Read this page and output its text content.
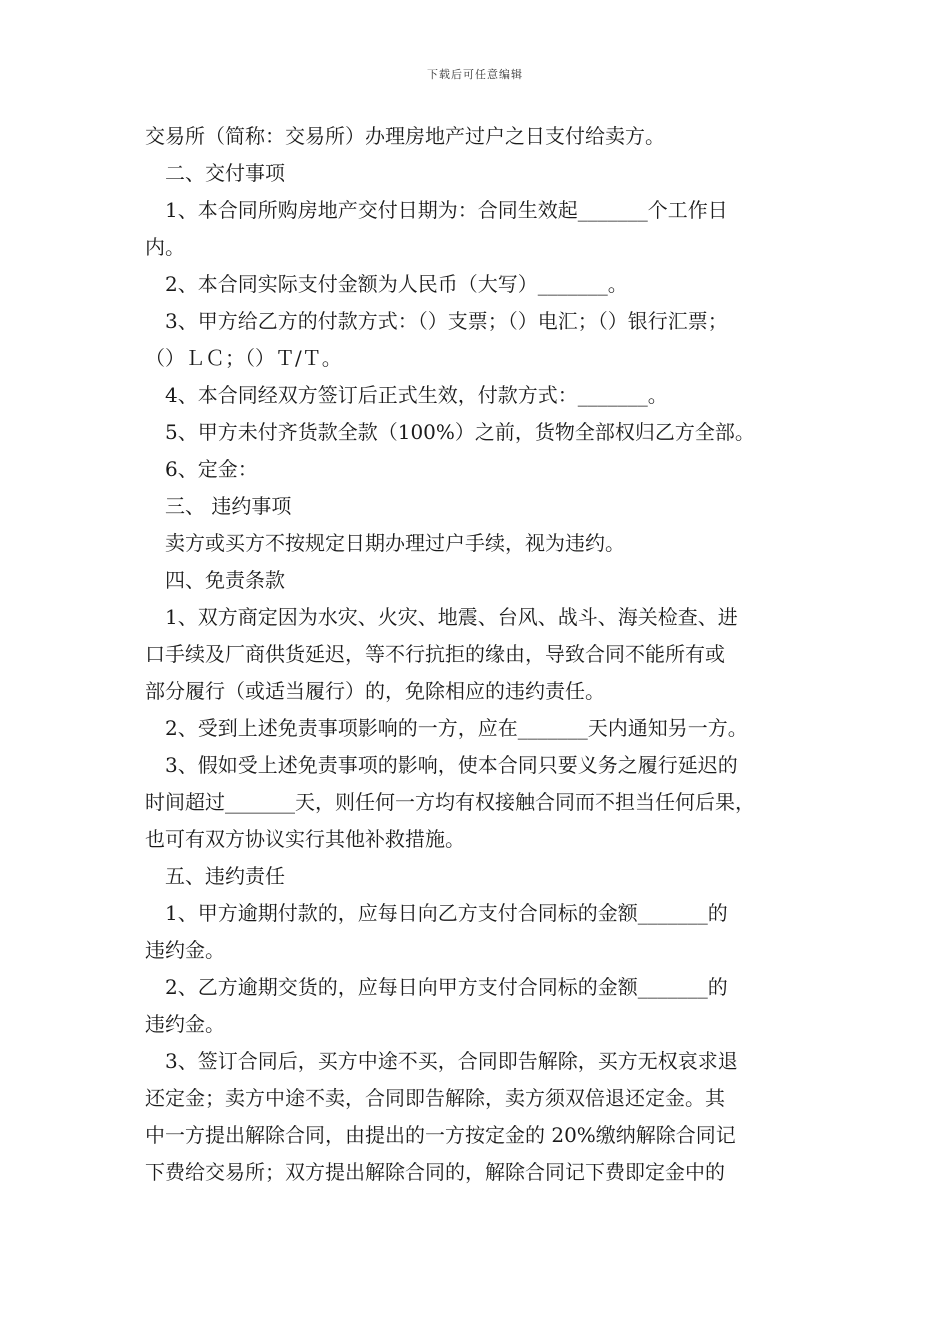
下载后可任意编辑
交易所（简称：交易所）办理房地产过户之日支付给卖方。
二、交付事项
1、本合同所购房地产交付日期为：合同生效起_______个工作日
内。
2、本合同实际支付金额为人民币（大写）_______。
3、甲方给乙方的付款方式：（）支票；（）电汇；（）银行汇票；
（）ＬＣ；（）Ｔ/Ｔ。
4、本合同经双方签订后正式生效，付款方式：_______。
5、甲方未付齐货款全款（100%）之前，货物全部权归乙方全部。
6、定金：
三、 违约事项
卖方或买方不按规定日期办理过户手续，视为违约。
四、免责条款
1、双方商定因为水灾、火灾、地震、台风、战斗、海关检查、进
口手续及厂商供货延迟，等不行抗拒的缘由，导致合同不能所有或
部分履行（或适当履行）的，免除相应的违约责任。
2、受到上述免责事项影响的一方，应在_______天内通知另一方。
3、假如受上述免责事项的影响，使本合同只要义务之履行延迟的
时间超过_______天，则任何一方均有权接触合同而不担当任何后果，
也可有双方协议实行其他补救措施。
五、违约责任
1、甲方逾期付款的，应每日向乙方支付合同标的金额_______的
违约金。
2、乙方逾期交货的，应每日向甲方支付合同标的金额_______的
违约金。
3、签订合同后，买方中途不买，合同即告解除，买方无权哀求退
还定金；卖方中途不卖，合同即告解除，卖方须双倍退还定金。其
中一方提出解除合同，由提出的一方按定金的 20%缴纳解除合同记
下费给交易所；双方提出解除合同的，解除合同记下费即定金中的
